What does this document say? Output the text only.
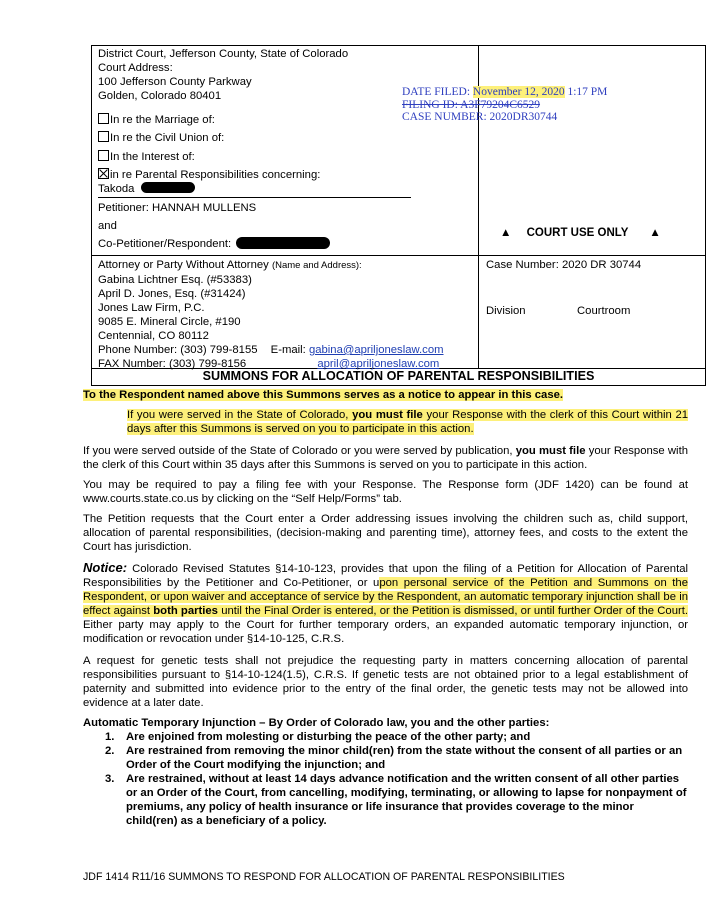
District Court, Jefferson County, State of Colorado
Court Address:
100 Jefferson County Parkway
Golden, Colorado 80401	DATE FILED: November 12, 2020 1:17 PM
FILING ID: A3F79204C6529
CASE NUMBER: 2020DR30744
In re the Marriage of:
In re the Civil Union of:
In the Interest of:
in re Parental Responsibilities concerning:
Takoda
Petitioner: HANNAH MULLENS
and
Co-Petitioner/Respondent:
▲ COURT USE ONLY ▲
Attorney or Party Without Attorney (Name and Address):
Gabina Lichtner Esq. (#53383)
April D. Jones, Esq. (#31424)
Jones Law Firm, P.C.
9085 E. Mineral Circle, #190
Centennial, CO 80112
Phone Number: (303) 799-8155 E-mail: gabina@apriljoneslaw.com
FAX Number: (303) 799-8156	april@apriljoneslaw.com
Case Number: 2020 DR 30744
Division	Courtroom
SUMMONS FOR ALLOCATION OF PARENTAL RESPONSIBILITIES
To the Respondent named above this Summons serves as a notice to appear in this case.
If you were served in the State of Colorado, you must file your Response with the clerk of this Court within 21 days after this Summons is served on you to participate in this action.
If you were served outside of the State of Colorado or you were served by publication, you must file your Response with the clerk of this Court within 35 days after this Summons is served on you to participate in this action.
You may be required to pay a filing fee with your Response. The Response form (JDF 1420) can be found at www.courts.state.co.us by clicking on the “Self Help/Forms” tab.
The Petition requests that the Court enter a Order addressing issues involving the children such as, child support, allocation of parental responsibilities, (decision-making and parenting time), attorney fees, and costs to the extent the Court has jurisdiction.
Notice: Colorado Revised Statutes §14-10-123, provides that upon the filing of a Petition for Allocation of Parental Responsibilities by the Petitioner and Co-Petitioner, or upon personal service of the Petition and Summons on the Respondent, or upon waiver and acceptance of service by the Respondent, an automatic temporary injunction shall be in effect against both parties until the Final Order is entered, or the Petition is dismissed, or until further Order of the Court. Either party may apply to the Court for further temporary orders, an expanded automatic temporary injunction, or modification or revocation under §14-10-125, C.R.S.
A request for genetic tests shall not prejudice the requesting party in matters concerning allocation of parental responsibilities pursuant to §14-10-124(1.5), C.R.S. If genetic tests are not obtained prior to a legal establishment of paternity and submitted into evidence prior to the entry of the final order, the genetic tests may not be allowed into evidence at a later date.
Automatic Temporary Injunction – By Order of Colorado law, you and the other parties:
1. Are enjoined from molesting or disturbing the peace of the other party; and
2. Are restrained from removing the minor child(ren) from the state without the consent of all parties or an Order of the Court modifying the injunction; and
3. Are restrained, without at least 14 days advance notification and the written consent of all other parties or an Order of the Court, from cancelling, modifying, terminating, or allowing to lapse for nonpayment of premiums, any policy of health insurance or life insurance that provides coverage to the minor child(ren) as a beneficiary of a policy.
JDF 1414 R11/16 SUMMONS TO RESPOND FOR ALLOCATION OF PARENTAL RESPONSIBILITIES
